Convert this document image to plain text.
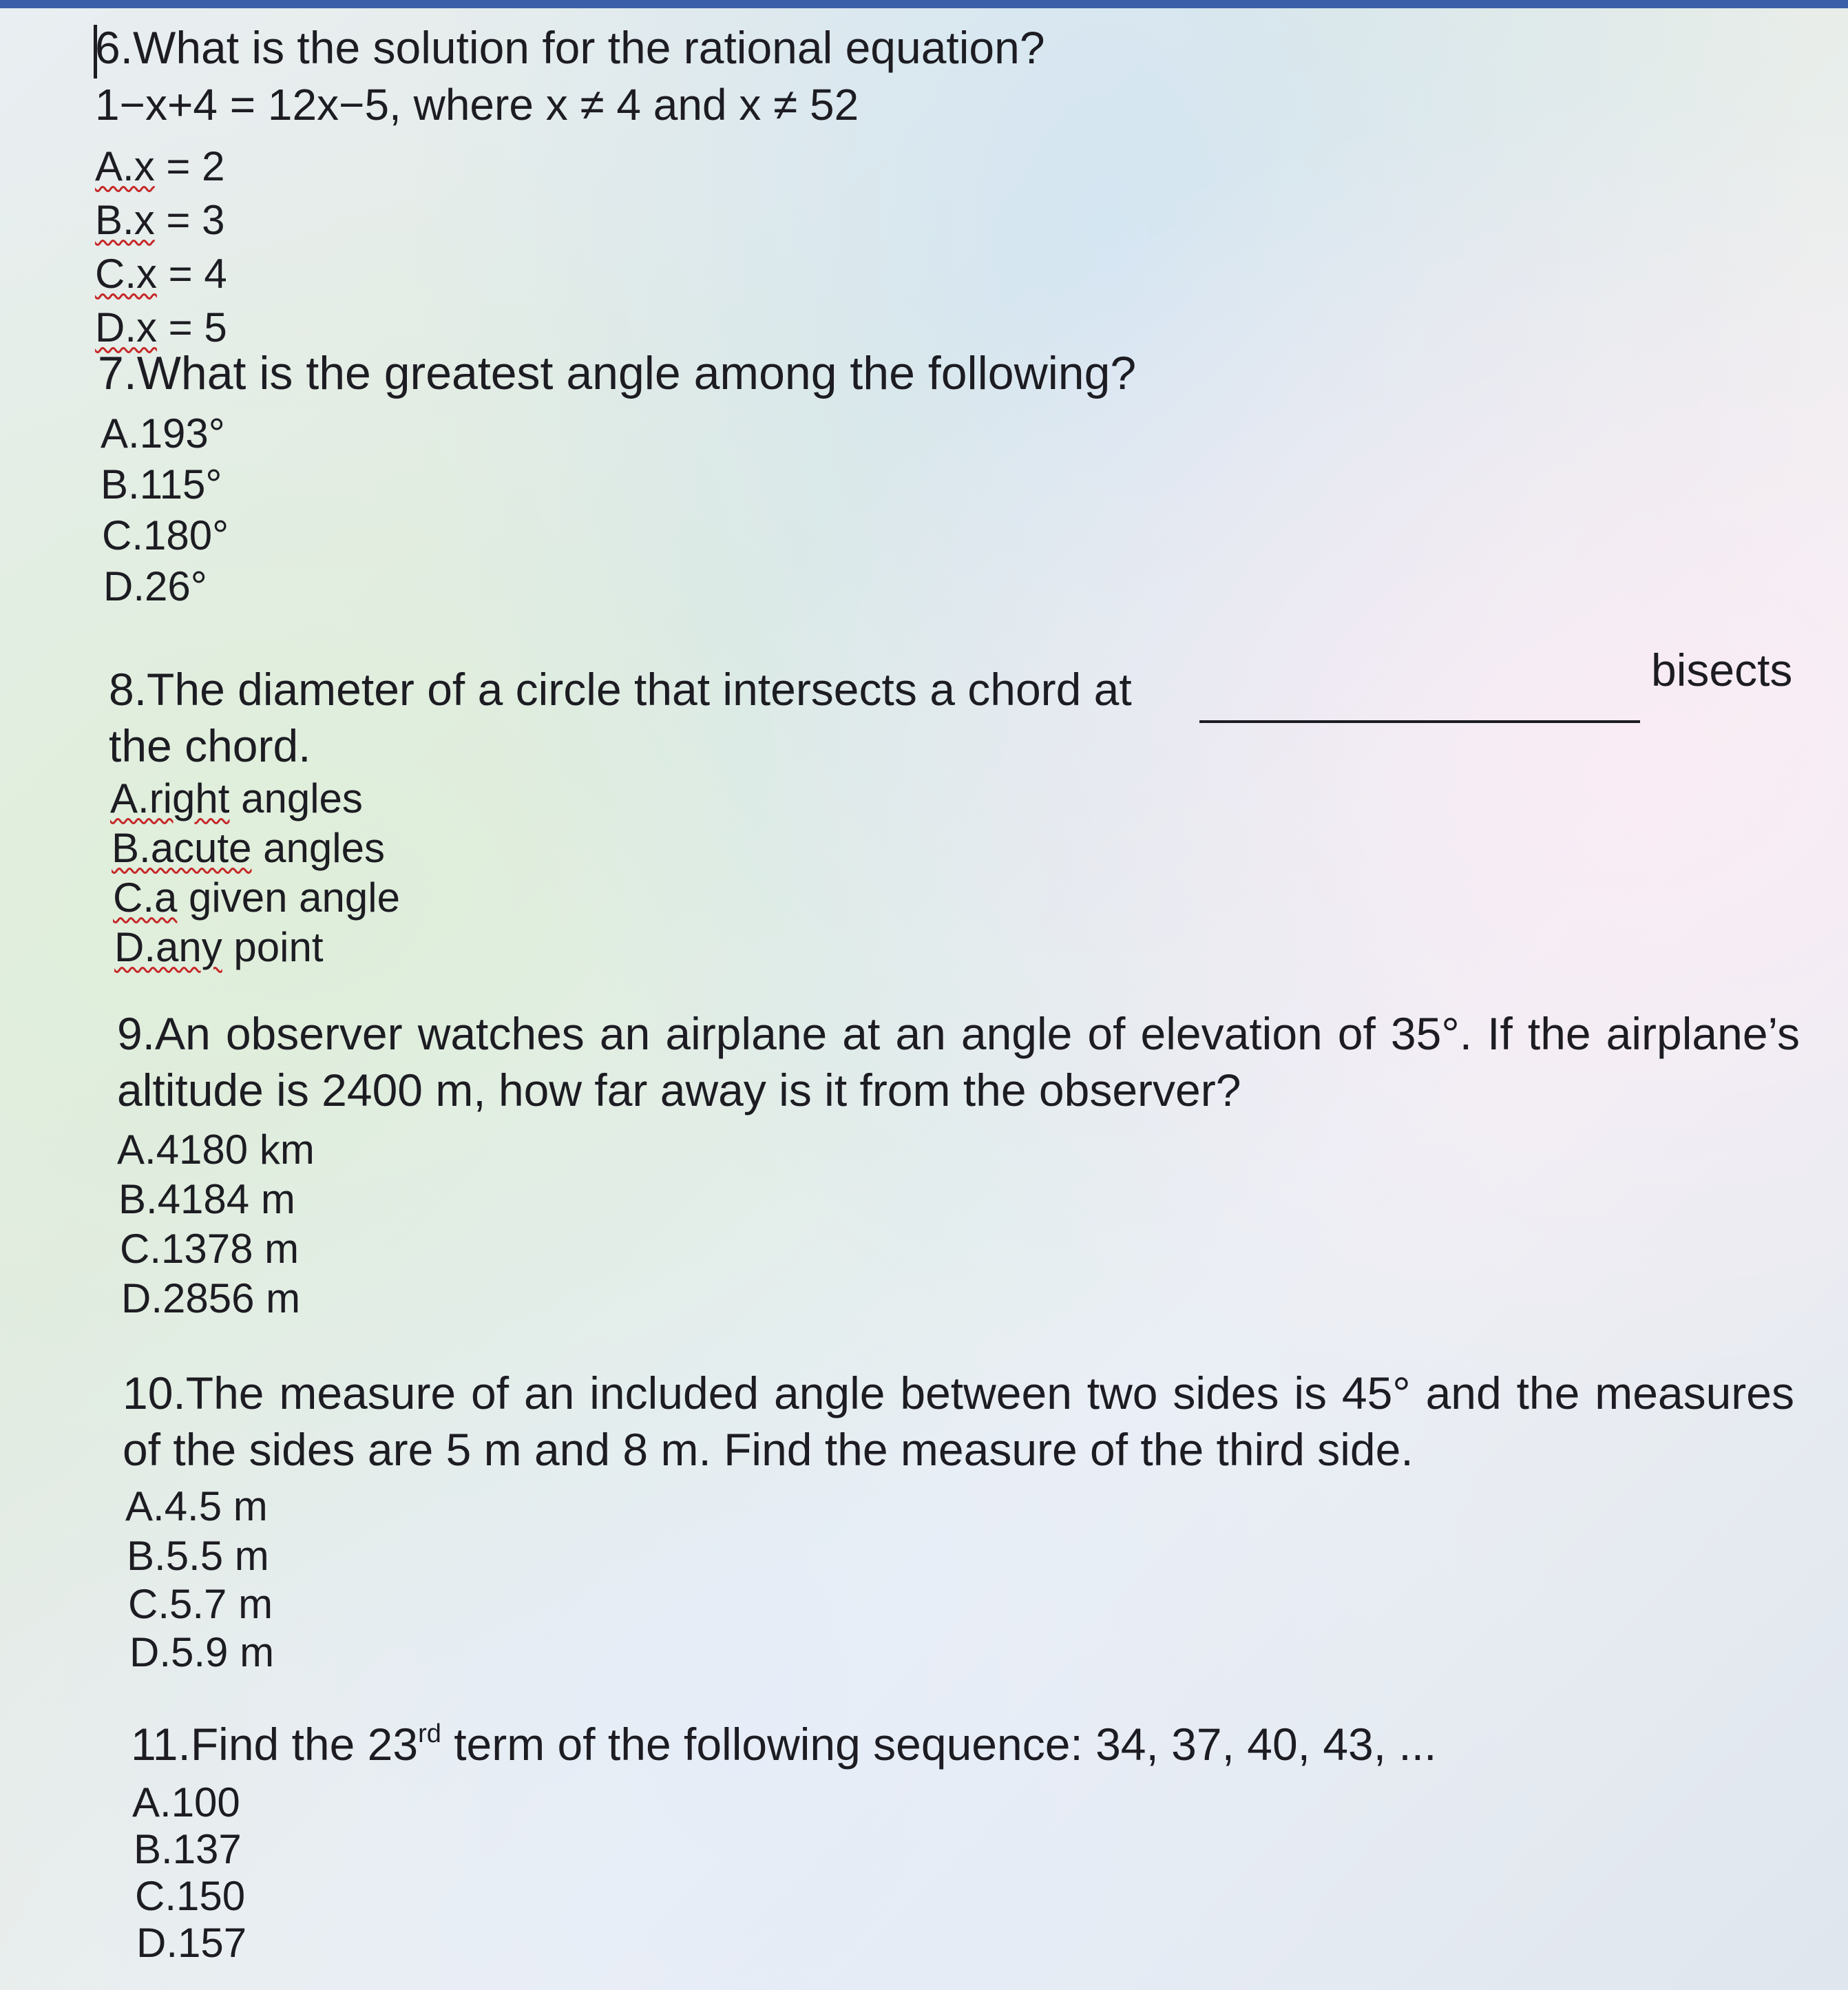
6.What is the solution for the rational equation?
1−x+4 = 12x−5, where x ≠ 4 and x ≠ 52
A.x = 2
B.x = 3
C.x = 4
D.x = 5
7.What is the greatest angle among the following?
A.193°
B.115°
C.180°
D.26°
8.The diameter of a circle that intersects a chord at	bisects
the chord.
A.right angles
B.acute angles
C.a given angle
D.any point
9.An observer watches an airplane at an angle of elevation of 35°. If the airplane’s altitude is 2400 m, how far away is it from the observer?
A.4180 km
B.4184 m
C.1378 m
D.2856 m
10.The measure of an included angle between two sides is 45° and the measures of the sides are 5 m and 8 m. Find the measure of the third side.
A.4.5 m
B.5.5 m
C.5.7 m
D.5.9 m
11.Find the 23rd term of the following sequence: 34, 37, 40, 43, ...
A.100
B.137
C.150
D.157
